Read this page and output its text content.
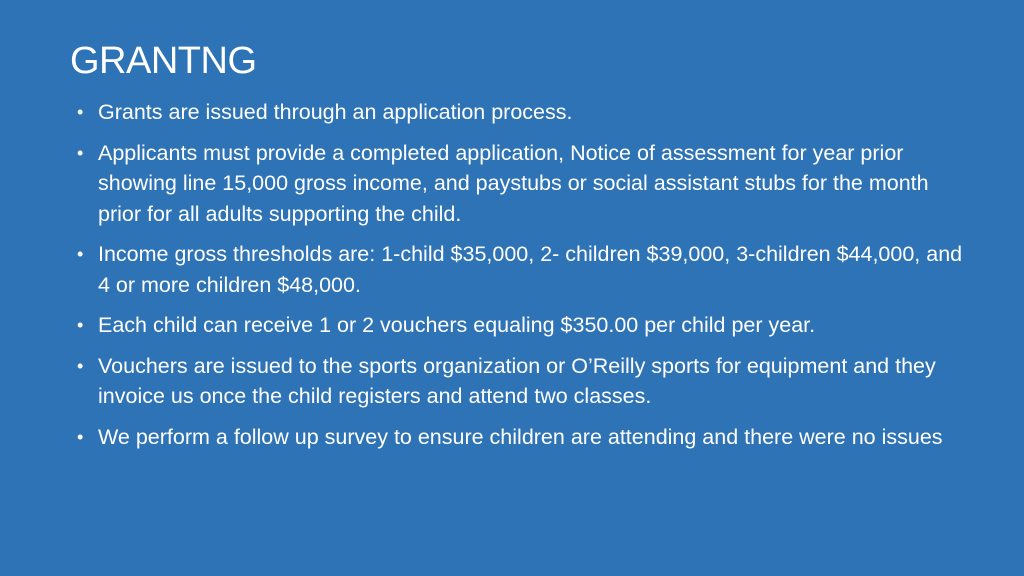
GRANTNG
• Grants are issued through an application process.
• Applicants must provide a completed application, Notice of assessment for year prior showing line 15,000 gross income, and paystubs or social assistant stubs for the month prior for all adults supporting the child.
• Income gross thresholds are: 1-child $35,000, 2- children $39,000, 3-children $44,000, and 4 or more children $48,000.
• Each child can receive 1 or 2 vouchers equaling $350.00 per child per year.
• Vouchers are issued to the sports organization or O’Reilly sports for equipment and they invoice us once the child registers and attend two classes.
• We perform a follow up survey to ensure children are attending and there were no issues
